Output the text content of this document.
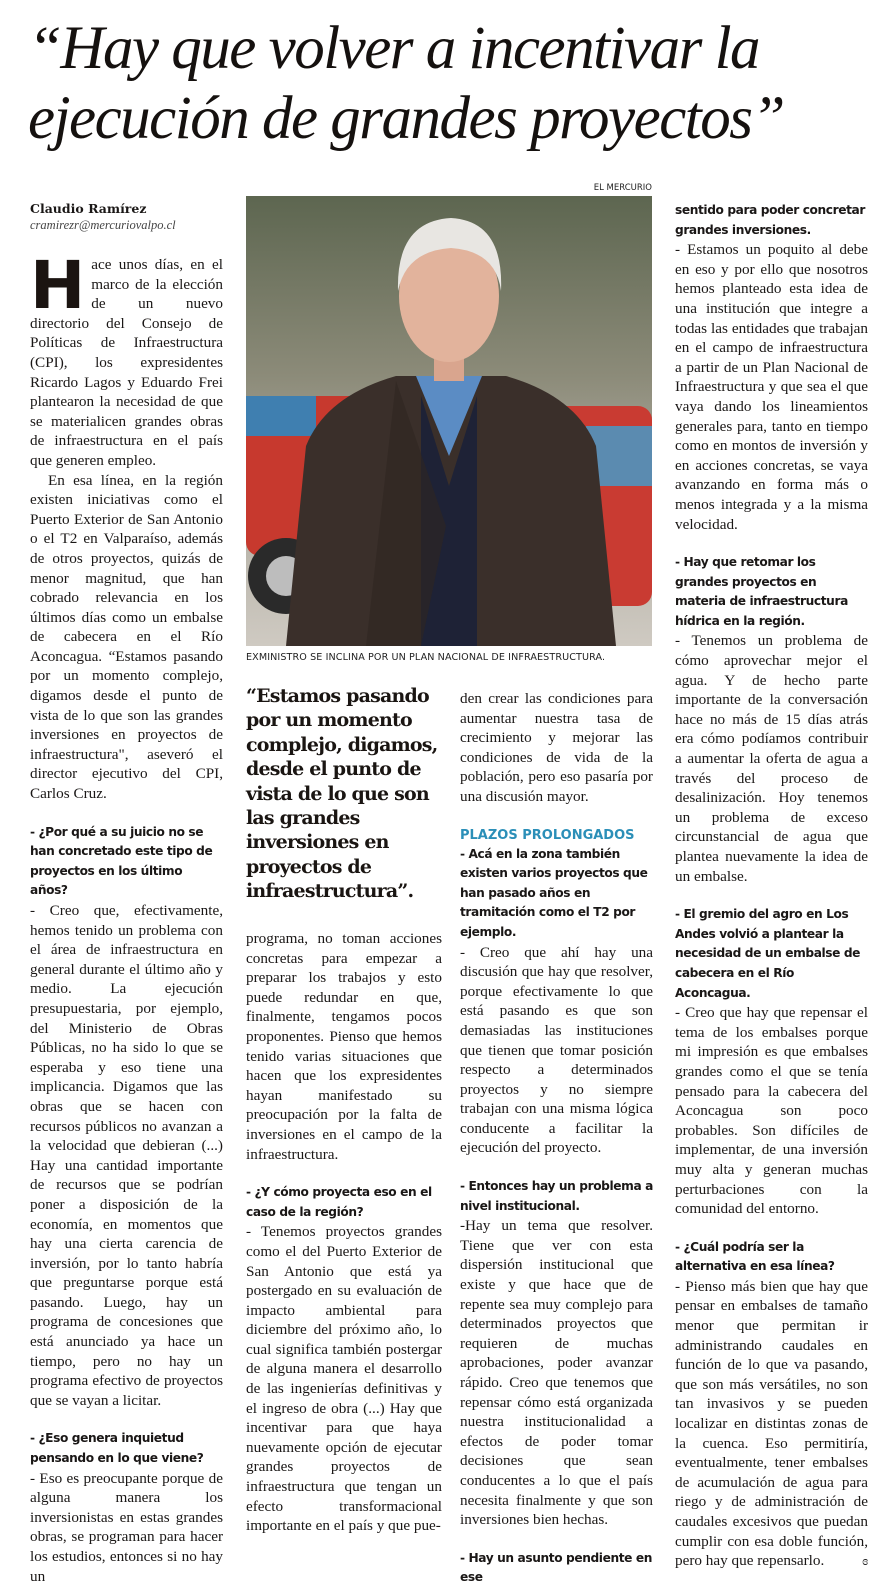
“Hay que volver a incentivar la ejecución de grandes proyectos”
Claudio Ramírez
cramirezr@mercuriovalpo.cl

Hace unos días, en el marco de la elección de un nuevo directorio del Consejo de Políticas de Infraestructura (CPI), los expresidentes Ricardo Lagos y Eduardo Frei plantearon la necesidad de que se materialicen grandes obras de infraestructura en el país que generen empleo.

En esa línea, en la región existen iniciativas como el Puerto Exterior de San Antonio o el T2 en Valparaíso, además de otros proyectos, quizás de menor magnitud, que han cobrado relevancia en los últimos días como un embalse de cabecera en el Río Aconcagua. “Estamos pasando por un momento complejo, digamos desde el punto de vista de lo que son las grandes inversiones en proyectos de infraestructura", aseveró el director ejecutivo del CPI, Carlos Cruz.

- ¿Por qué a su juicio no se han concretado este tipo de proyectos en los último años?

- Creo que, efectivamente, hemos tenido un problema con el área de infraestructura en general durante el último año y medio. La ejecución presupuestaria, por ejemplo, del Ministerio de Obras Públicas, no ha sido lo que se esperaba y eso tiene una implicancia. Digamos que las obras que se hacen con recursos públicos no avanzan a la velocidad que debieran (...) Hay una cantidad importante de recursos que se podrían poner a disposición de la economía, en momentos que hay una cierta carencia de inversión, por lo tanto habría que preguntarse porque está pasando. Luego, hay un programa de concesiones que está anunciado ya hace un tiempo, pero no hay un programa efectivo de proyectos que se vayan a licitar.

- ¿Eso genera inquietud pensando en lo que viene?

- Eso es preocupante porque de alguna manera los inversionistas en estas grandes obras, se programan para hacer los estudios, entonces si no hay un

EL MERCURIO
EXMINISTRO SE INCLINA POR UN PLAN NACIONAL DE INFRAESTRUCTURA.
“Estamos pasando por un momento complejo, digamos, desde el punto de vista de lo que son las grandes inversiones en proyectos de infraestructura”.

programa, no toman acciones concretas para empezar a preparar los trabajos y esto puede redundar en que, finalmente, tengamos pocos proponentes. Pienso que hemos tenido varias situaciones que hacen que los expresidentes hayan manifestado su preocupación por la falta de inversiones en el campo de la infraestructura.

- ¿Y cómo proyecta eso en el caso de la región?

- Tenemos proyectos grandes como el del Puerto Exterior de San Antonio que está ya postergado en su evaluación de impacto ambiental para diciembre del próximo año, lo cual significa también postergar de alguna manera el desarrollo de las ingenierías definitivas y el ingreso de obra (...) Hay que incentivar para que haya nuevamente opción de ejecutar grandes proyectos de infraestructura que tengan un efecto transformacional importante en el país y que pue-

den crear las condiciones para aumentar nuestra tasa de crecimiento y mejorar las condiciones de vida de la población, pero eso pasaría por una discusión mayor.

PLAZOS PROLONGADOS

- Acá en la zona también existen varios proyectos que han pasado años en tramitación como el T2 por ejemplo.

- Creo que ahí hay una discusión que hay que resolver, porque efectivamente lo que está pasando es que son demasiadas las instituciones que tienen que tomar posición respecto a determinados proyectos y no siempre trabajan con una misma lógica conducente a facilitar la ejecución del proyecto.

- Entonces hay un problema a nivel institucional.

-Hay un tema que resolver. Tiene que ver con esta dispersión institucional que existe y que hace que de repente sea muy complejo para determinados proyectos que requieren de muchas aprobaciones, poder avanzar rápido. Creo que tenemos que repensar cómo está organizada nuestra institucionalidad a efectos de poder tomar decisiones que sean conducentes a lo que el país necesita finalmente y que son inversiones bien hechas.

- Hay un asunto pendiente en ese

sentido para poder concretar grandes inversiones.

- Estamos un poquito al debe en eso y por ello que nosotros hemos planteado esta idea de una institución que integre a todas las entidades que trabajan en el campo de infraestructura a partir de un Plan Nacional de Infraestructura y que sea el que vaya dando los lineamientos generales para, tanto en tiempo como en montos de inversión y en acciones concretas, se vaya avanzando en forma más o menos integrada y a la misma velocidad.

- Hay que retomar los grandes proyectos en materia de infraestructura hídrica en la región.

- Tenemos un problema de cómo aprovechar mejor el agua. Y de hecho parte importante de la conversación hace no más de 15 días atrás era cómo podíamos contribuir a aumentar la oferta de agua a través del proceso de desalinización. Hoy tenemos un problema de exceso circunstancial de agua que plantea nuevamente la idea de un embalse.

- El gremio del agro en Los Andes volvió a plantear la necesidad de un embalse de cabecera en el Río Aconcagua.

- Creo que hay que repensar el tema de los embalses porque mi impresión es que embalses grandes como el que se tenía pensado para la cabecera del Aconcagua son poco probables. Son difíciles de implementar, de una inversión muy alta y generan muchas perturbaciones con la comunidad del entorno.

- ¿Cuál podría ser la alternativa en esa línea?

- Pienso más bien que hay que pensar en embalses de tamaño menor que permitan ir administrando caudales en función de lo que va pasando, que son más versátiles, no son tan invasivos y se pueden localizar en distintas zonas de la cuenca. Eso permitiría, eventualmente, tener embalses de acumulación de agua para riego y de administración de caudales excesivos que puedan cumplir con esa doble función, pero hay que repensarlo.	ɞ
